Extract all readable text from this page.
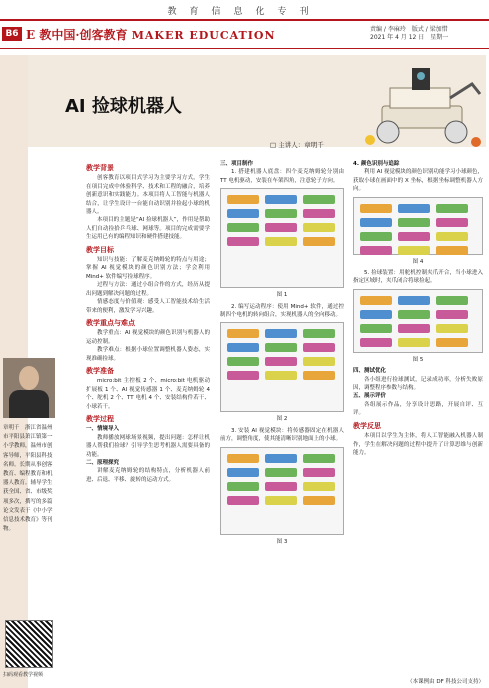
教育信息化专刊
B6 E 教中国·创客教育 MAKER EDUCATION	责编 / 李麻玲　版式 / 梁加惜
2021 年 4 月 12 日　星期一
AI 捡球机器人
□ 主讲人：章明千
章明千　浙江省温州市平阳县萧江镇第一小学教师，温州市创客导师，平阳县科技名师。长期从事创客教育、编程教育和机器人教育。辅导学生获全国、省、市级奖项多次，撰写的多篇论文发表于《中小学信息技术教育》等刊物。
扫码观看教学视频
教学背景

创客教育以项目式学习为主要学习方式，学生在项目完成中体验科学、技术和工程的融合，培养创新意识和实践能力。本项目将人工智能与机器人结合，让学生设计一台能自动识别并捡起小球的机器人。

本项目的主题是“AI 捡球机器人”，作用是帮助人们自动捡拾乒乓球、网球等。项目的完成需要学生运用已有的编程知识和硬件搭建技能。

教学目标

知识与技能：了解麦克纳姆轮的特点与用途；掌握 AI 视觉模块的颜色识别方法；学会利用 Mind+ 软件编写捡球程序。

过程与方法：通过小组合作的方式，经历从提出问题到解决问题的过程。

情感态度与价值观：感受人工智能技术给生活带来的便利，激发学习兴趣。

教学重点与难点

教学重点：AI 视觉模块的颜色识别与机器人的运动控制。

教学难点：根据小球位置调整机器人姿态，实现准确捡球。

教学准备

micro:bit 主控板 2 个、micro:bit 电机驱动扩展板 1 个、AI 视觉传感器 1 个、麦克纳姆轮 4 个、舵机 2 个、TT 电机 4 个、安装结构件若干、小球若干。

教学过程
一、情境导入

教师播放网球场景视频，提出问题：怎样让机器人帮我们捡球？引导学生思考机器人需要具备的功能。

二、原理探究

讲解麦克纳姆轮的结构特点，分析机器人前进、后退、平移、旋转的运动方式。

三、项目制作

1. 搭建机器人底盘：四个麦克纳姆轮分别由 TT 电机驱动，安装在车架四角，注意轮子方向。

图 1

2. 编写运动程序：使用 Mind+ 软件，通过控制四个电机的转向组合，实现机器人的全向移动。

图 2

3. 安装 AI 视觉模块：将传感器固定在机器人前方，调整角度，使其能清晰识别地面上的小球。

图 3
4. 颜色识别与追踪

利用 AI 视觉模块的颜色识别功能学习小球颜色，获取小球在画面中的 X 坐标，根据坐标调整机器人方向。

图 4

5. 捡球装置：用舵机控制夹爪开合，当小球进入指定区域时，夹爪闭合将球捡起。

图 5
四、测试优化

各小组进行捡球测试，记录成功率，分析失败原因，调整程序参数与结构。

五、展示评价

各组展示作品，分享设计思路，开展自评、互评。

教学反思

本项目以学生为主体，将人工智能融入机器人制作，学生在解决问题的过程中提升了计算思维与创新能力。

（本课例由 DF 科技公司支持）
